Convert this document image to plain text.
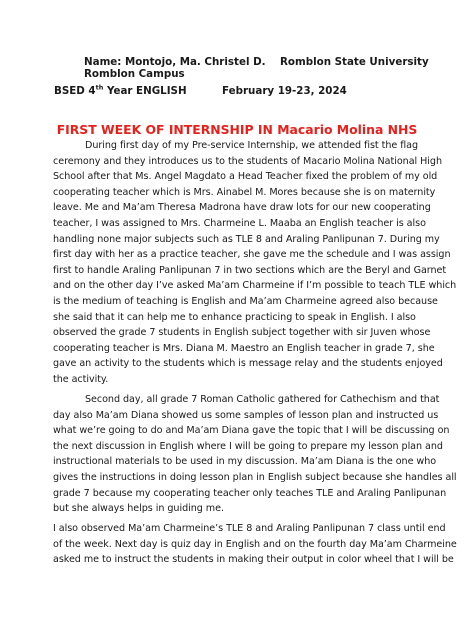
Name: Montojo, Ma. Christel D. Romblon State University
Romblon Campus
BSED 4th Year ENGLISH	February 19-23, 2024
FIRST WEEK OF INTERNSHIP IN Macario Molina NHS
During first day of my Pre-service Internship, we attended fist the flag
ceremony and they introduces us to the students of Macario Molina National High
School after that Ms. Angel Magdato a Head Teacher fixed the problem of my old
cooperating teacher which is Mrs. Ainabel M. Mores because she is on maternity
leave. Me and Ma’am Theresa Madrona have draw lots for our new cooperating
teacher, I was assigned to Mrs. Charmeine L. Maaba an English teacher is also
handling none major subjects such as TLE 8 and Araling Panlipunan 7. During my
first day with her as a practice teacher, she gave me the schedule and I was assign
first to handle Araling Panlipunan 7 in two sections which are the Beryl and Garnet
and on the other day I’ve asked Ma’am Charmeine if I’m possible to teach TLE which
is the medium of teaching is English and Ma’am Charmeine agreed also because
she said that it can help me to enhance practicing to speak in English. I also
observed the grade 7 students in English subject together with sir Juven whose
cooperating teacher is Mrs. Diana M. Maestro an English teacher in grade 7, she
gave an activity to the students which is message relay and the students enjoyed
the activity.
Second day, all grade 7 Roman Catholic gathered for Cathechism and that
day also Ma’am Diana showed us some samples of lesson plan and instructed us
what we’re going to do and Ma’am Diana gave the topic that I will be discussing on
the next discussion in English where I will be going to prepare my lesson plan and
instructional materials to be used in my discussion. Ma’am Diana is the one who
gives the instructions in doing lesson plan in English subject because she handles all
grade 7 because my cooperating teacher only teaches TLE and Araling Panlipunan
but she always helps in guiding me.
I also observed Ma’am Charmeine’s TLE 8 and Araling Panlipunan 7 class until end
of the week. Next day is quiz day in English and on the fourth day Ma’am Charmeine
asked me to instruct the students in making their output in color wheel that I will be
